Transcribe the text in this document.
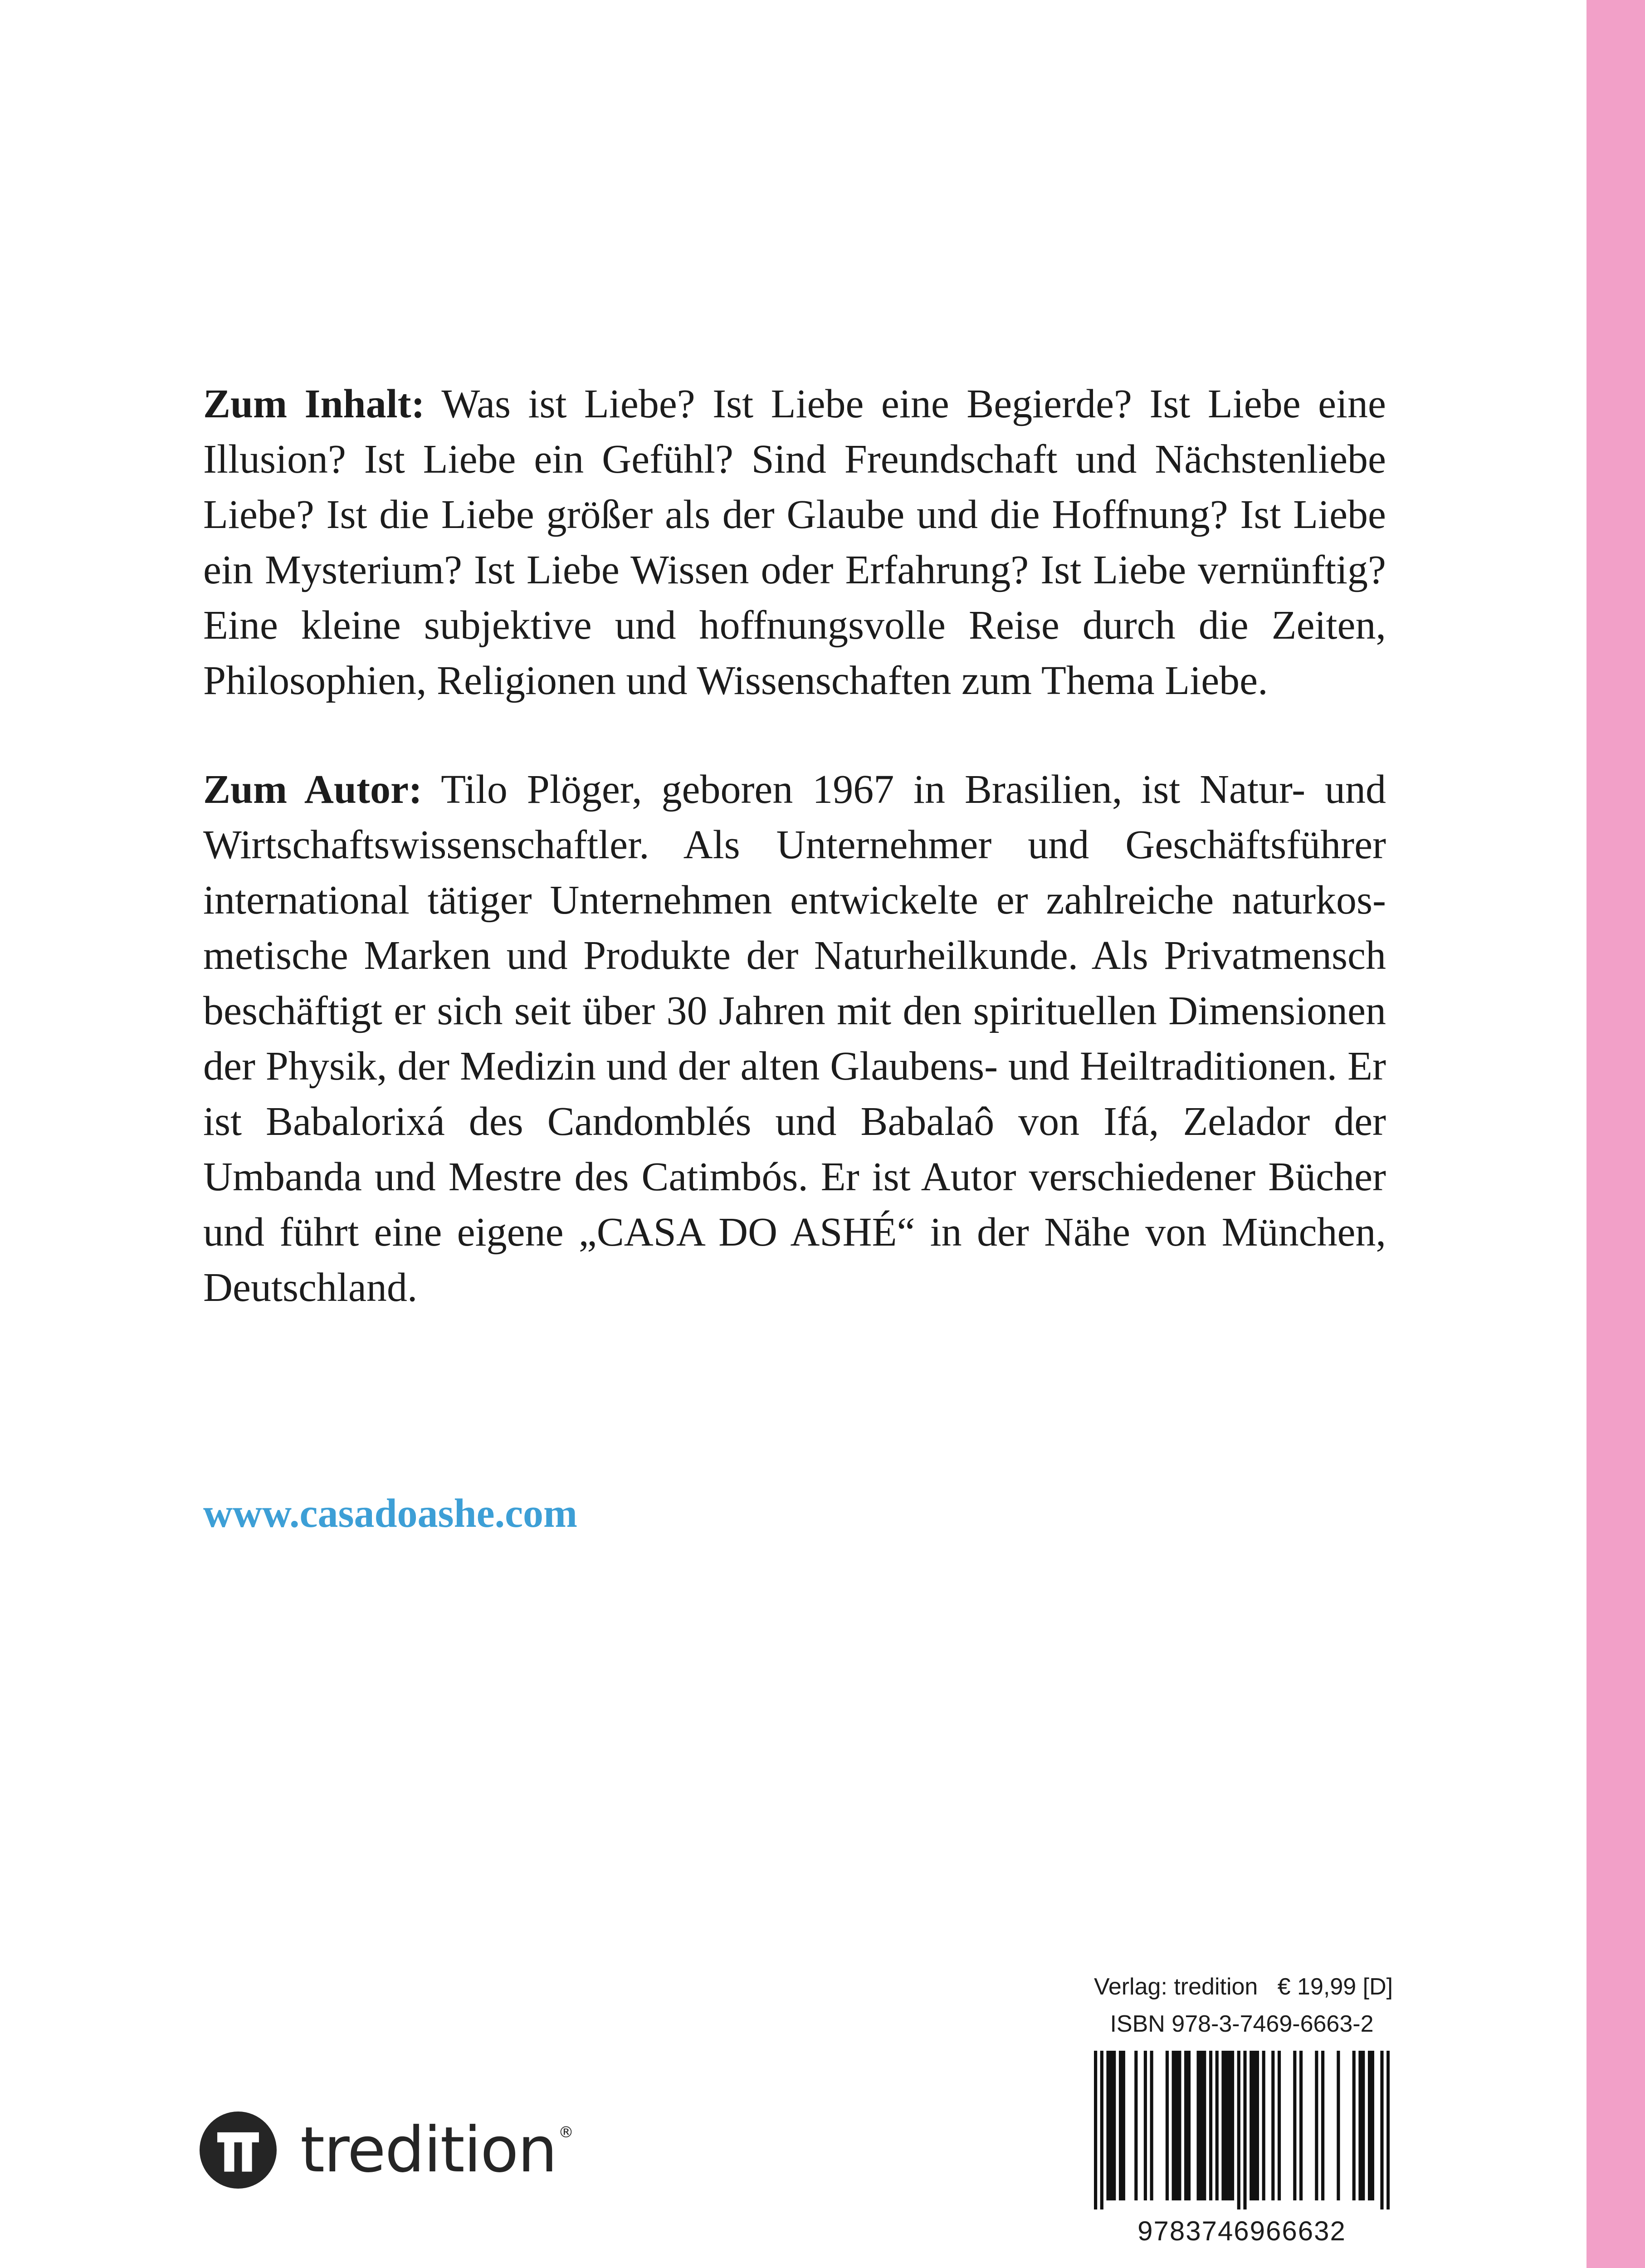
Zum Inhalt: Was ist Liebe? Ist Liebe eine Begierde? Ist Liebe eine Illusion? Ist Liebe ein Gefühl? Sind Freundschaft und Nächstenliebe Liebe? Ist die Liebe größer als der Glaube und die Hoffnung? Ist Liebe ein Mysterium? Ist Liebe Wissen oder Erfahrung? Ist Liebe vernünftig? Eine kleine subjektive und hoffnungsvolle Reise durch die Zeiten, Philosophien, Religionen und Wissenschaften zum Thema Liebe.

Zum Autor: Tilo Plöger, geboren 1967 in Brasilien, ist Natur- und Wirtschaftswissenschaftler. Als Unternehmer und Geschäftsführer international tätiger Unternehmen entwickelte er zahlreiche naturkosmetische Marken und Produkte der Naturheilkunde. Als Privatmensch beschäftigt er sich seit über 30 Jahren mit den spirituellen Dimensionen der Physik, der Medizin und der alten Glaubens- und Heiltraditionen. Er ist Babalorixá des Candomblés und Babalaô von Ifá, Zelador der Umbanda und Mestre des Catimbós. Er ist Autor verschiedener Bücher und führt eine eigene „CASA DO ASHÉ“ in der Nähe von München, Deutschland.

www.casadoashe.com
tredition ®
Verlag: tredition   € 19,99 [D]
ISBN 978-3-7469-6663-2
9783746966632
